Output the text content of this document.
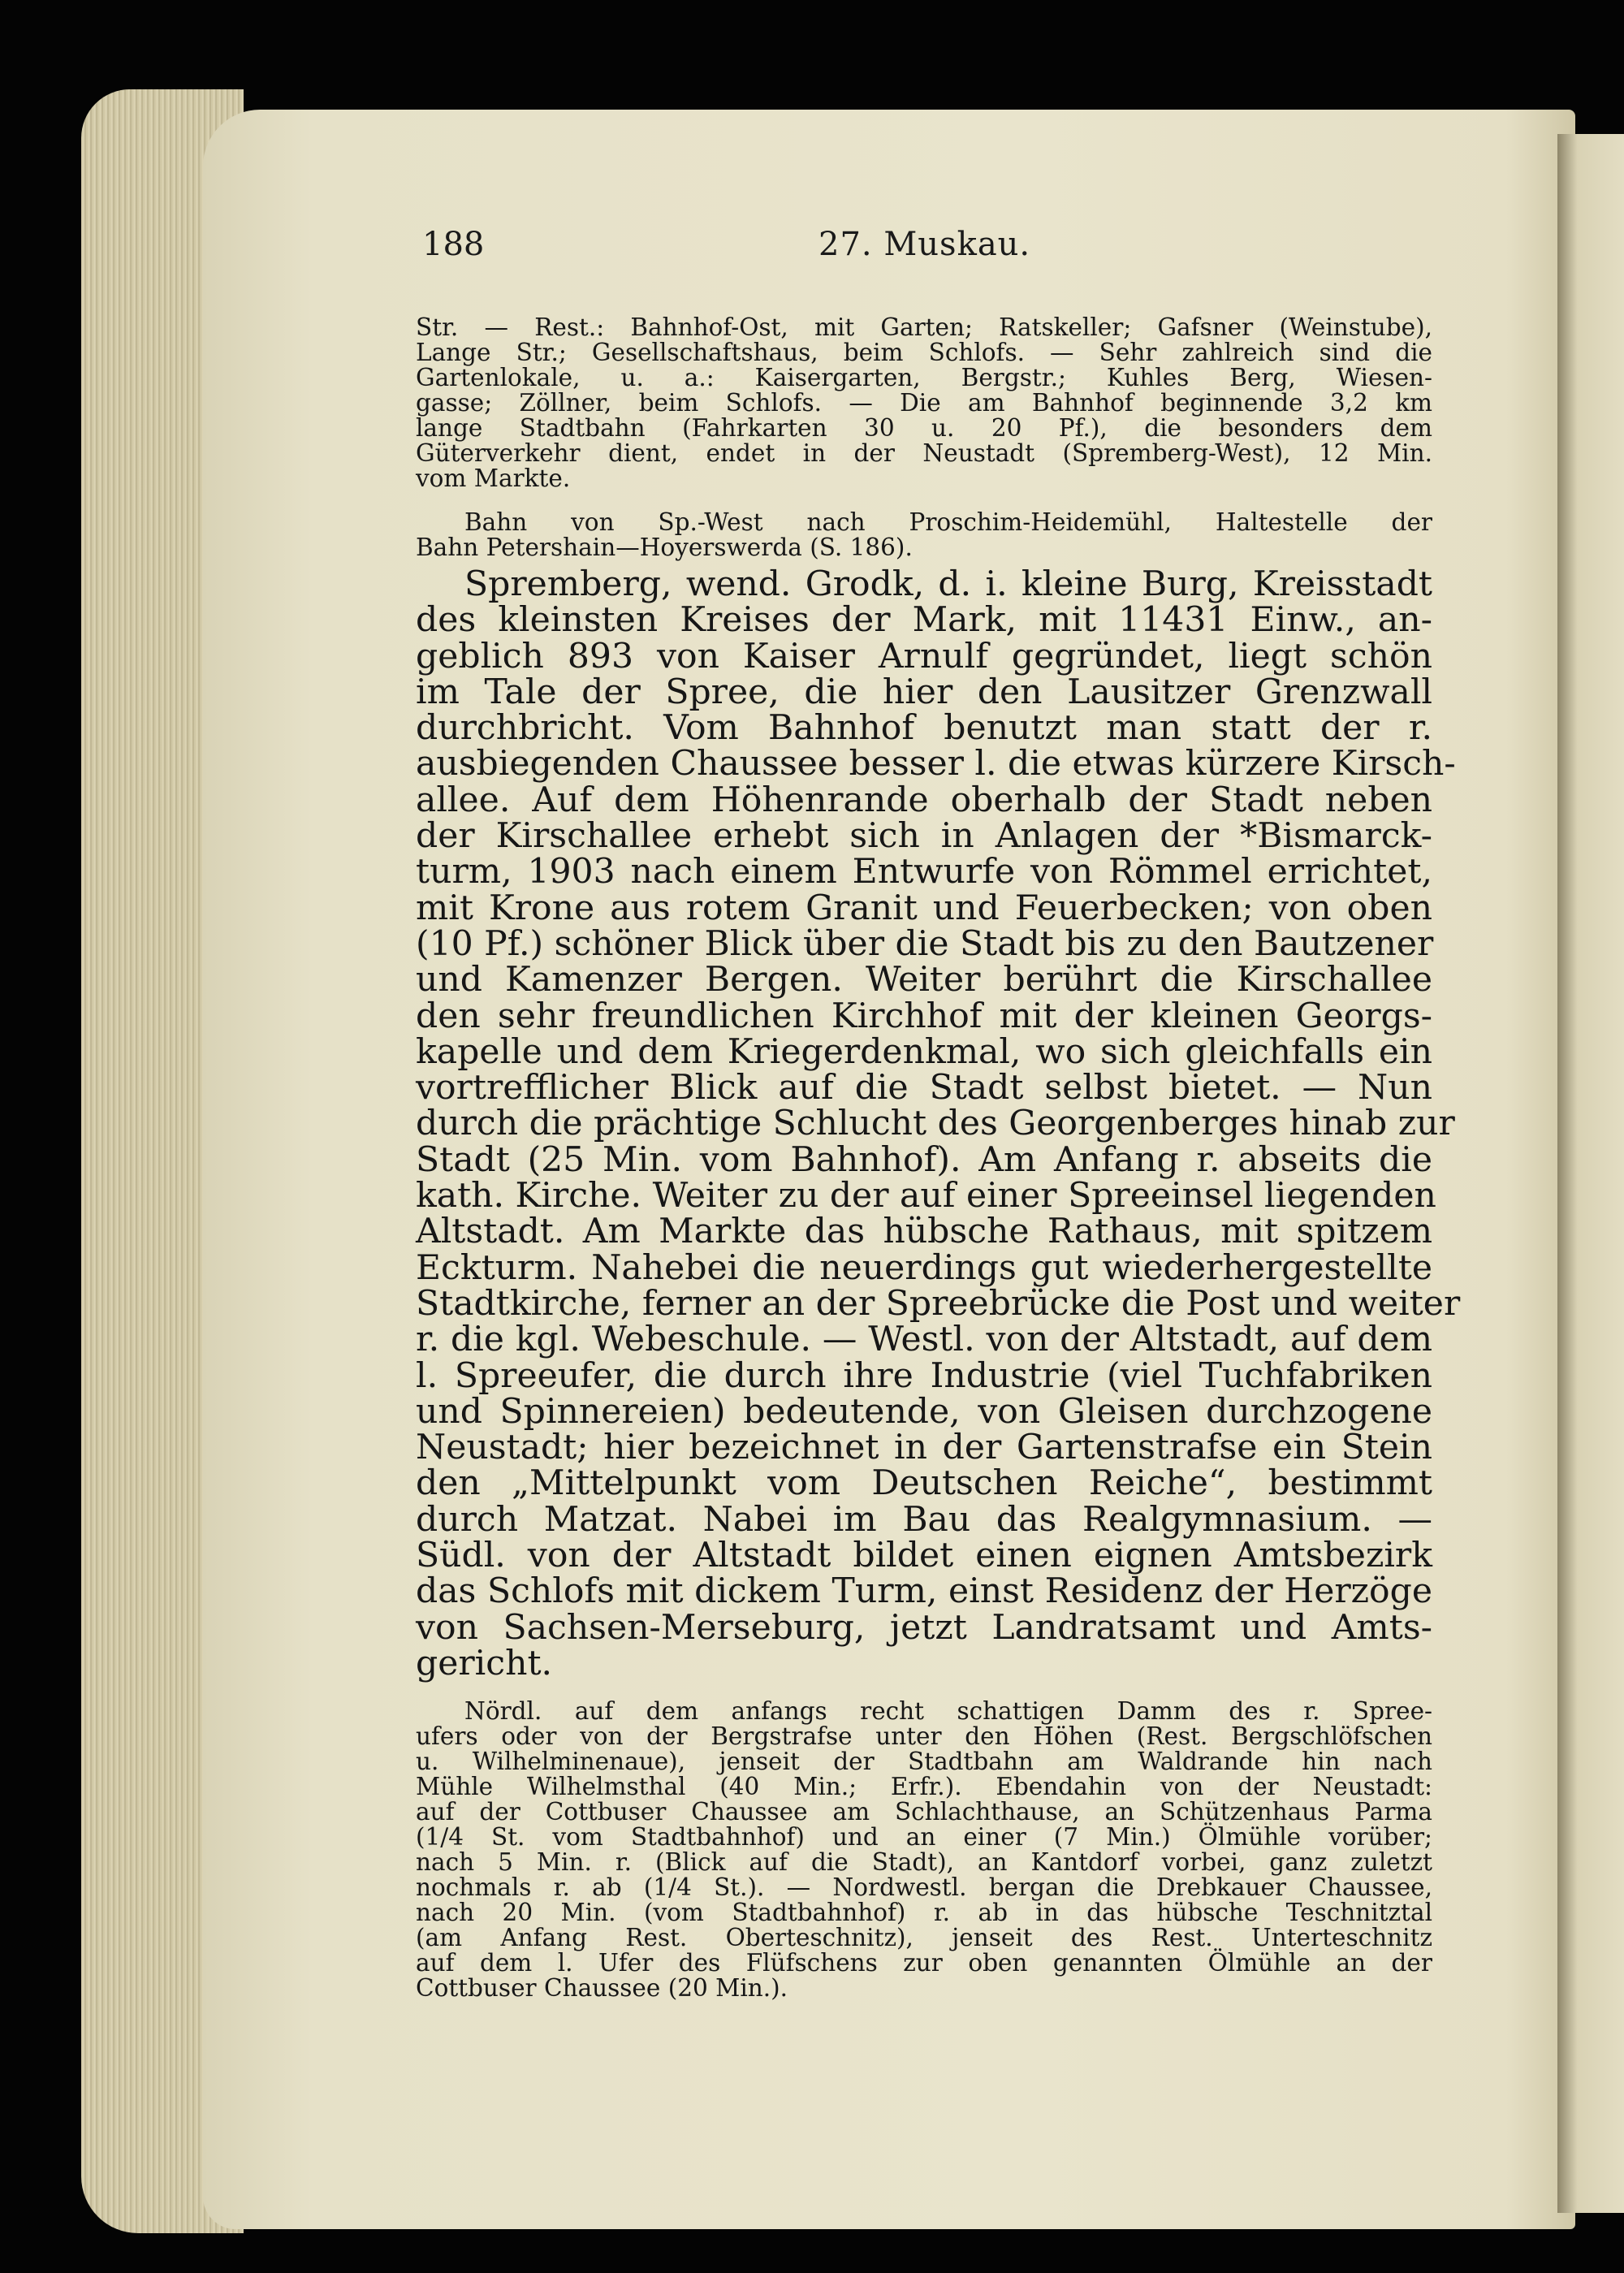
188	27. Muskau.
Str. — Rest.: Bahnhof-Ost, mit Garten; Ratskeller; Gafsner (Weinstube),
Lange Str.; Gesellschaftshaus, beim Schlofs. — Sehr zahlreich sind die
Gartenlokale, u. a.: Kaisergarten, Bergstr.; Kuhles Berg, Wiesen-
gasse; Zöllner, beim Schlofs. — Die am Bahnhof beginnende 3,2 km
lange Stadtbahn (Fahrkarten 30 u. 20 Pf.), die besonders dem
Güterverkehr dient, endet in der Neustadt (Spremberg-West), 12 Min.
vom Markte.
Bahn von Sp.-West nach Proschim-Heidemühl, Haltestelle der
Bahn Petershain—Hoyerswerda (S. 186).
Spremberg, wend. Grodk, d. i. kleine Burg, Kreisstadt
des kleinsten Kreises der Mark, mit 11431 Einw., an-
geblich 893 von Kaiser Arnulf gegründet, liegt schön
im Tale der Spree, die hier den Lausitzer Grenzwall
durchbricht. Vom Bahnhof benutzt man statt der r.
ausbiegenden Chaussee besser l. die etwas kürzere Kirsch-
allee. Auf dem Höhenrande oberhalb der Stadt neben
der Kirschallee erhebt sich in Anlagen der *Bismarck-
turm, 1903 nach einem Entwurfe von Römmel errichtet,
mit Krone aus rotem Granit und Feuerbecken; von oben
(10 Pf.) schöner Blick über die Stadt bis zu den Bautzener
und Kamenzer Bergen. Weiter berührt die Kirschallee
den sehr freundlichen Kirchhof mit der kleinen Georgs-
kapelle und dem Kriegerdenkmal, wo sich gleichfalls ein
vortrefflicher Blick auf die Stadt selbst bietet. — Nun
durch die prächtige Schlucht des Georgenberges hinab zur
Stadt (25 Min. vom Bahnhof). Am Anfang r. abseits die
kath. Kirche. Weiter zu der auf einer Spreeinsel liegenden
Altstadt. Am Markte das hübsche Rathaus, mit spitzem
Eckturm. Nahebei die neuerdings gut wiederhergestellte
Stadtkirche, ferner an der Spreebrücke die Post und weiter
r. die kgl. Webeschule. — Westl. von der Altstadt, auf dem
l. Spreeufer, die durch ihre Industrie (viel Tuchfabriken
und Spinnereien) bedeutende, von Gleisen durchzogene
Neustadt; hier bezeichnet in der Gartenstrafse ein Stein
den „Mittelpunkt vom Deutschen Reiche“, bestimmt
durch Matzat. Nabei im Bau das Realgymnasium. —
Südl. von der Altstadt bildet einen eignen Amtsbezirk
das Schlofs mit dickem Turm, einst Residenz der Herzöge
von Sachsen-Merseburg, jetzt Landratsamt und Amts-
gericht.
Nördl. auf dem anfangs recht schattigen Damm des r. Spree-
ufers oder von der Bergstrafse unter den Höhen (Rest. Bergschlöfschen
u. Wilhelminenaue), jenseit der Stadtbahn am Waldrande hin nach
Mühle Wilhelmsthal (40 Min.; Erfr.). Ebendahin von der Neustadt:
auf der Cottbuser Chaussee am Schlachthause, an Schützenhaus Parma
(1/4 St. vom Stadtbahnhof) und an einer (7 Min.) Ölmühle vorüber;
nach 5 Min. r. (Blick auf die Stadt), an Kantdorf vorbei, ganz zuletzt
nochmals r. ab (1/4 St.). — Nordwestl. bergan die Drebkauer Chaussee,
nach 20 Min. (vom Stadtbahnhof) r. ab in das hübsche Teschnitztal
(am Anfang Rest. Oberteschnitz), jenseit des Rest. Unterteschnitz
auf dem l. Ufer des Flüfschens zur oben genannten Ölmühle an der
Cottbuser Chaussee (20 Min.).
